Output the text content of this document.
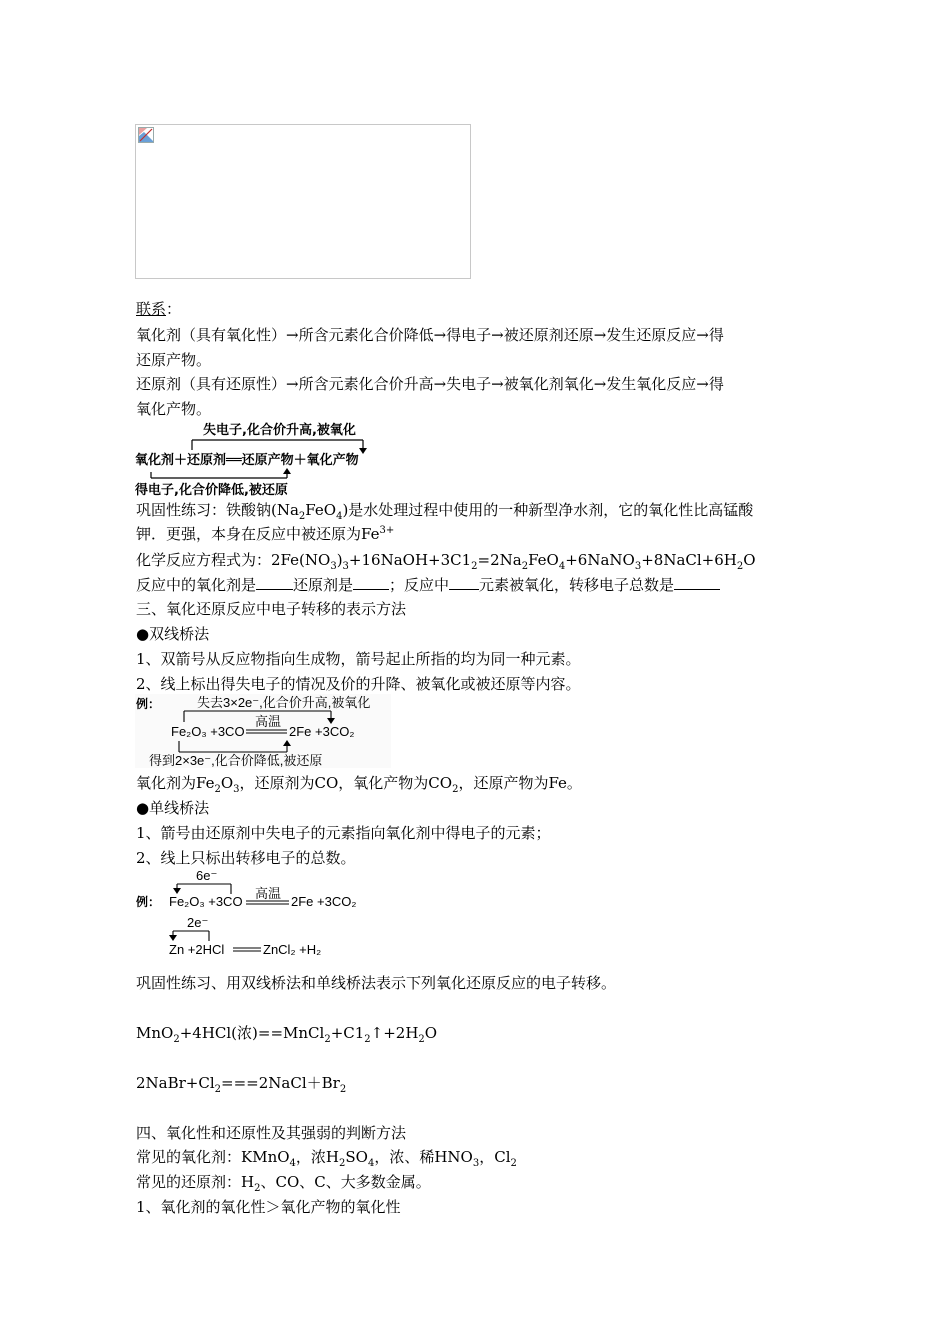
联系：
氧化剂（具有氧化性）→所含元素化合价降低→得电子→被还原剂还原→发生还原反应→得
还原产物。
还原剂（具有还原性）→所含元素化合价升高→失电子→被氧化剂氧化→发生氧化反应→得
氧化产物。
失电子,化合价升高,被氧化
氧化剂＋还原剂══还原产物＋氧化产物
得电子,化合价降低,被还原
巩固性练习：铁酸钠$(Na_2FeO_4)$是水处理过程中使用的一种新型净水剂，它的氧化性比高锰酸
钾．更强，本身在反应中被还原为$Fe^{3+}$
化学反应方程式为：$2Fe(NO_3)_3+16NaOH+3C1_2=2Na_2FeO_4+6NaNO_3+8NaCl+6H_2O$
反应中的氧化剂是 还原剂是 ；反应中 元素被氧化，转移电子总数是
三、氧化还原反应中电子转移的表示方法
●双线桥法
1、双箭号从反应物指向生成物，箭号起止所指的均为同一种元素。
2、线上标出得失电子的情况及价的升降、被氧化或被还原等内容。
例：	失去3×2e⁻,化合价升高,被氧化
高温
Fe₂O₃ +3CO	2Fe +3CO₂
得到2×3e⁻,化合价降低,被还原
氧化剂为$Fe_2O_3$，还原剂为CO，氧化产物为$CO_2$，还原产物为Fe。
●单线桥法
1、箭号由还原剂中失电子的元素指向氧化剂中得电子的元素；
2、线上只标出转移电子的总数。
6e⁻
例：
高温
Fe₂O₃ +3CO	2Fe +3CO₂
2e⁻
Zn +2HCl	ZnCl₂ +H₂
巩固性练习、用双线桥法和单线桥法表示下列氧化还原反应的电子转移。
MnO$_2$+4HCl(浓)$==MnCl_2+C1_2↑+2H_2O$
$2NaBr+Cl_2===2NaCl+Br_2$
四、氧化性和还原性及其强弱的判断方法
常见的氧化剂：KMnO$_4$，浓$H_2SO_4$，浓、稀$HNO_3$，$Cl_2$
常见的还原剂：$H_2$、CO、C、大多数金属。
1、氧化剂的氧化性＞氧化产物的氧化性
